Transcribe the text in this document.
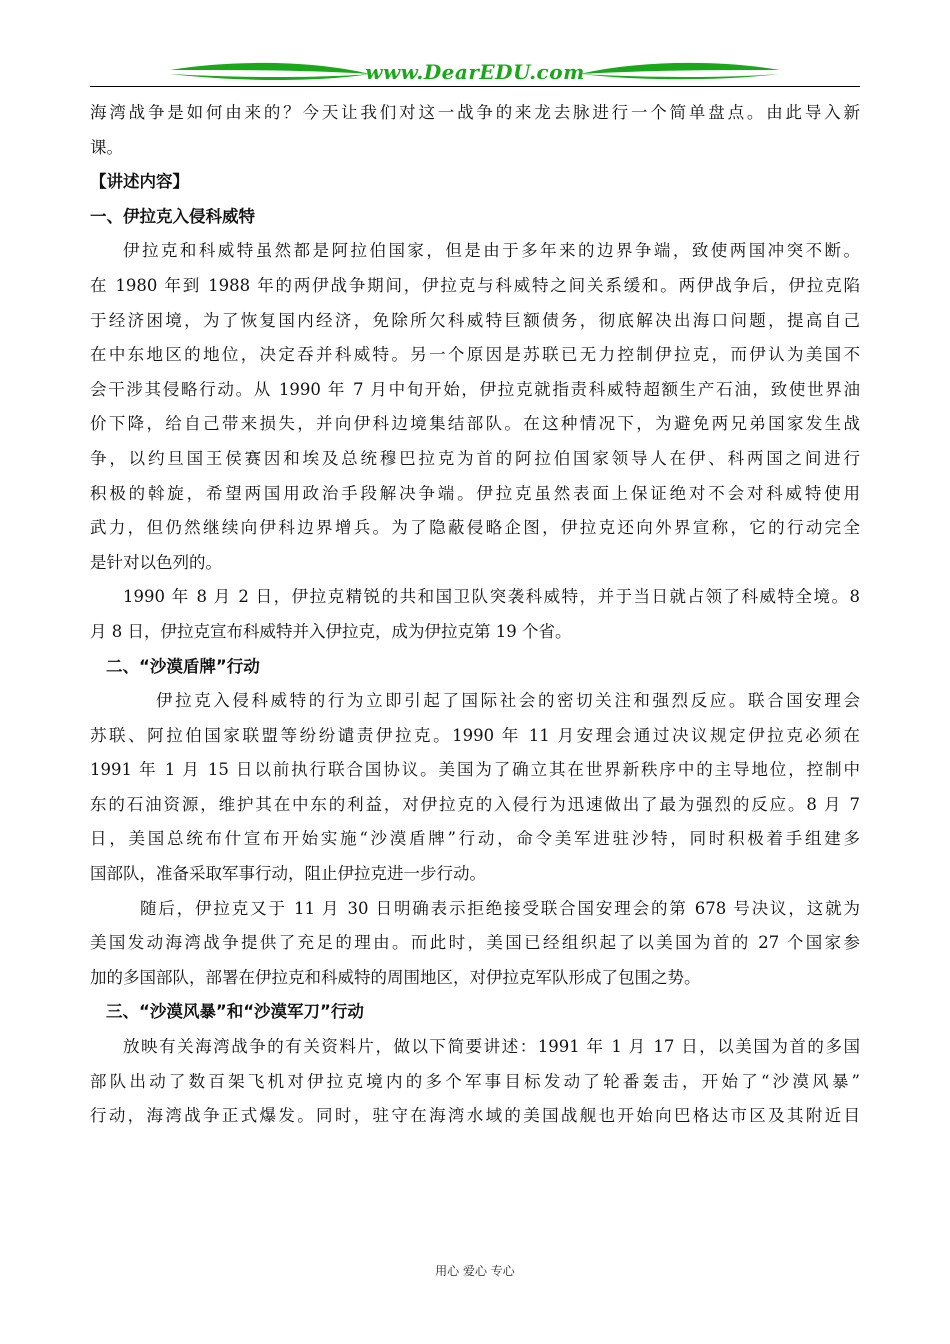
www.DearEDU.com
海湾战争是如何由来的？今天让我们对这一战争的来龙去脉进行一个简单盘点。由此导入新
课。
【讲述内容】
一、伊拉克入侵科威特
伊拉克和科威特虽然都是阿拉伯国家，但是由于多年来的边界争端，致使两国冲突不断。
在 1980 年到 1988 年的两伊战争期间，伊拉克与科威特之间关系缓和。两伊战争后，伊拉克陷
于经济困境，为了恢复国内经济，免除所欠科威特巨额债务，彻底解决出海口问题，提高自己
在中东地区的地位，决定吞并科威特。另一个原因是苏联已无力控制伊拉克，而伊认为美国不
会干涉其侵略行动。从 1990 年 7 月中旬开始，伊拉克就指责科威特超额生产石油，致使世界油
价下降，给自己带来损失，并向伊科边境集结部队。在这种情况下，为避免两兄弟国家发生战
争，以约旦国王侯赛因和埃及总统穆巴拉克为首的阿拉伯国家领导人在伊、科两国之间进行
积极的斡旋，希望两国用政治手段解决争端。伊拉克虽然表面上保证绝对不会对科威特使用
武力，但仍然继续向伊科边界增兵。为了隐蔽侵略企图，伊拉克还向外界宣称，它的行动完全
是针对以色列的。
1990 年 8 月 2 日，伊拉克精锐的共和国卫队突袭科威特，并于当日就占领了科威特全境。8
月 8 日，伊拉克宣布科威特并入伊拉克，成为伊拉克第 19 个省。
二、“沙漠盾牌”行动
伊拉克入侵科威特的行为立即引起了国际社会的密切关注和强烈反应。联合国安理会
苏联、阿拉伯国家联盟等纷纷谴责伊拉克。1990 年 11 月安理会通过决议规定伊拉克必须在
1991 年 1 月 15 日以前执行联合国协议。美国为了确立其在世界新秩序中的主导地位，控制中
东的石油资源，维护其在中东的利益，对伊拉克的入侵行为迅速做出了最为强烈的反应。8 月 7
日，美国总统布什宣布开始实施“沙漠盾牌”行动，命令美军进驻沙特，同时积极着手组建多
国部队，准备采取军事行动，阻止伊拉克进一步行动。
随后，伊拉克又于 11 月 30 日明确表示拒绝接受联合国安理会的第 678 号决议，这就为
美国发动海湾战争提供了充足的理由。而此时，美国已经组织起了以美国为首的 27 个国家参
加的多国部队，部署在伊拉克和科威特的周围地区，对伊拉克军队形成了包围之势。
三、“沙漠风暴”和“沙漠军刀”行动
放映有关海湾战争的有关资料片，做以下简要讲述：1991 年 1 月 17 日，以美国为首的多国
部队出动了数百架飞机对伊拉克境内的多个军事目标发动了轮番轰击，开始了“沙漠风暴”
行动，海湾战争正式爆发。同时，驻守在海湾水域的美国战舰也开始向巴格达市区及其附近目
用心 爱心 专心
